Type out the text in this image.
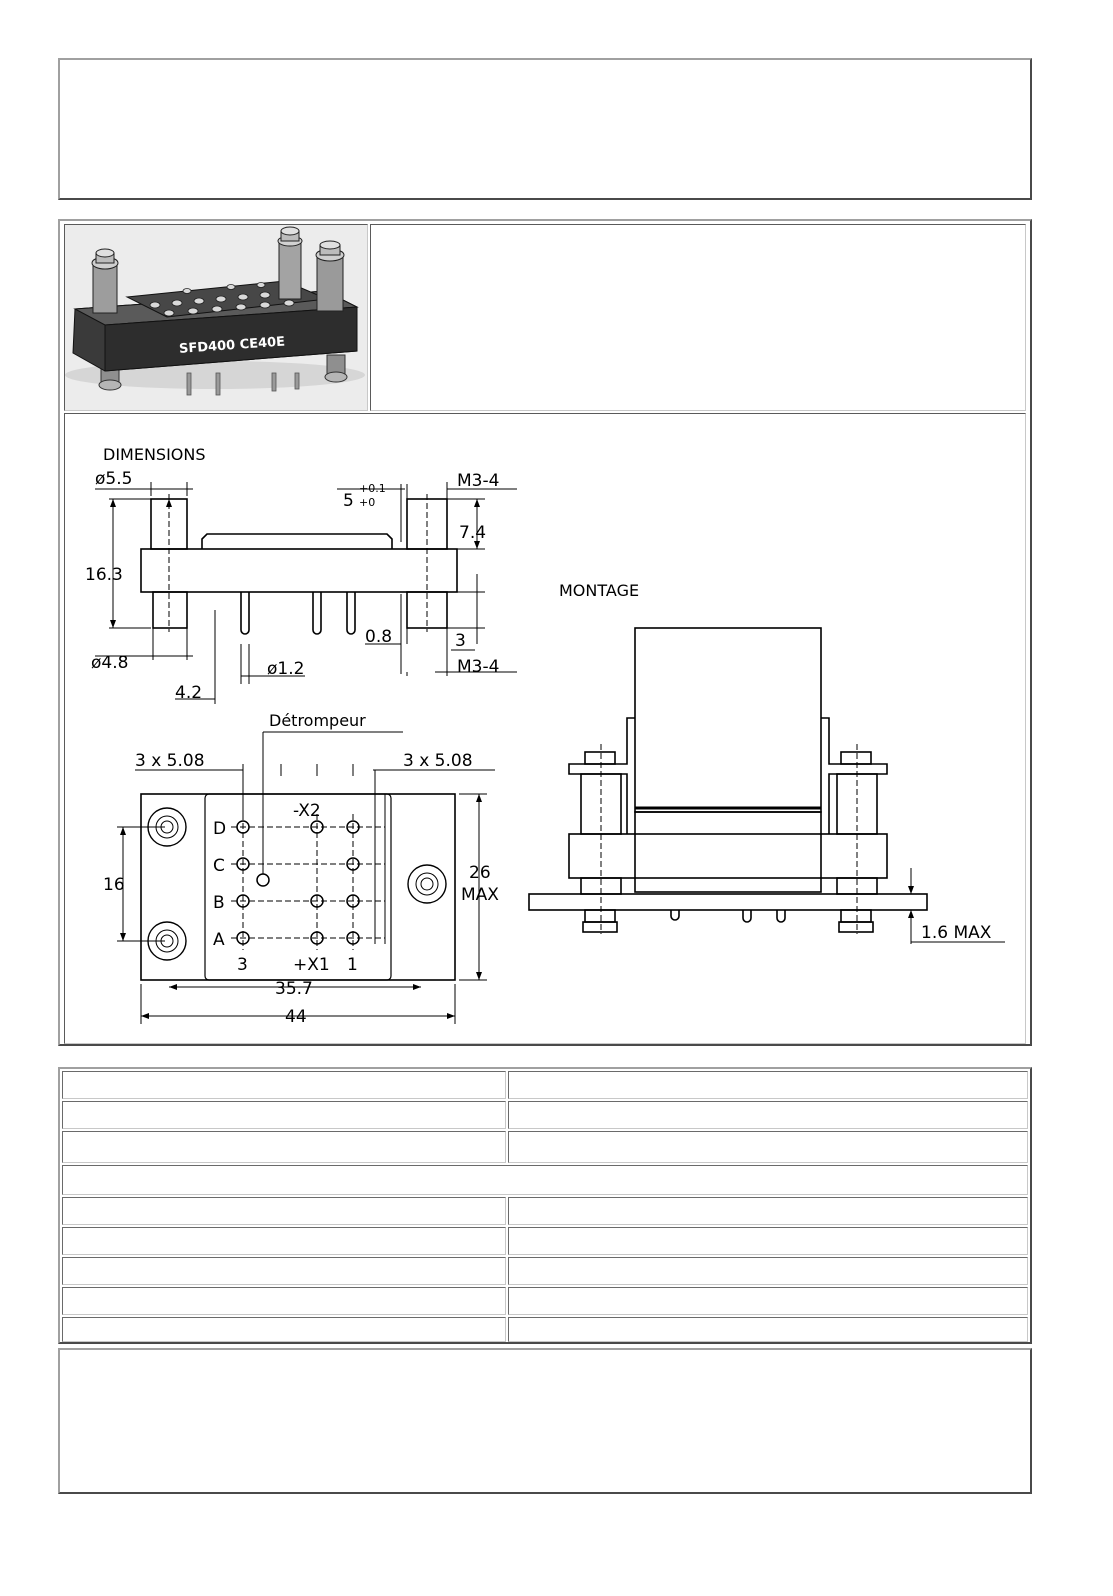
SFD400 CE40E
DIMENSIONS
MONTAGE
Détrompeur
ø5.5
16.3
ø4.8
5
+0.1
+0
M3-4
7.4
3
0.8
M3-4
ø1.2
4.2
3 x 5.08	3 x 5.08
-X2
+X1
3	1
D
C
B
A
16
26
MAX
35.7
44
1.6 MAX
